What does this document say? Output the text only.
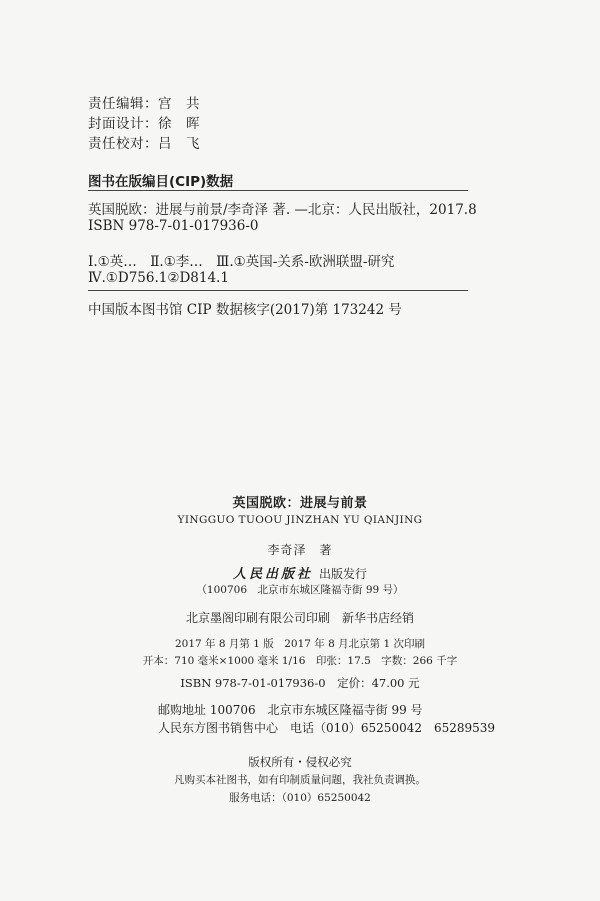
责任编辑：宫　共
封面设计：徐　晖
责任校对：吕　飞
图书在版编目(CIP)数据
英国脱欧：进展与前景/李奇泽 著. —北京：人民出版社，2017.8
ISBN 978-7-01-017936-0
Ⅰ.①英…　Ⅱ.①李…　Ⅲ.①英国-关系-欧洲联盟-研究
Ⅳ.①D756.1②D814.1
中国版本图书馆 CIP 数据核字(2017)第 173242 号
英国脱欧：进展与前景
YINGGUO TUOOU JINZHAN YU QIANJING
李奇泽　著
人民出版社 出版发行
（100706　北京市东城区隆福寺街 99 号）
北京墨阁印刷有限公司印刷　新华书店经销
2017 年 8 月第 1 版　2017 年 8 月北京第 1 次印刷
开本：710 毫米×1000 毫米 1/16　印张：17.5　字数：266 千字
ISBN 978-7-01-017936-0　定价：47.00 元
邮购地址 100706　北京市东城区隆福寺街 99 号
人民东方图书销售中心　电话（010）65250042　65289539
版权所有・侵权必究
凡购买本社图书，如有印制质量问题，我社负责调换。
服务电话：（010）65250042
